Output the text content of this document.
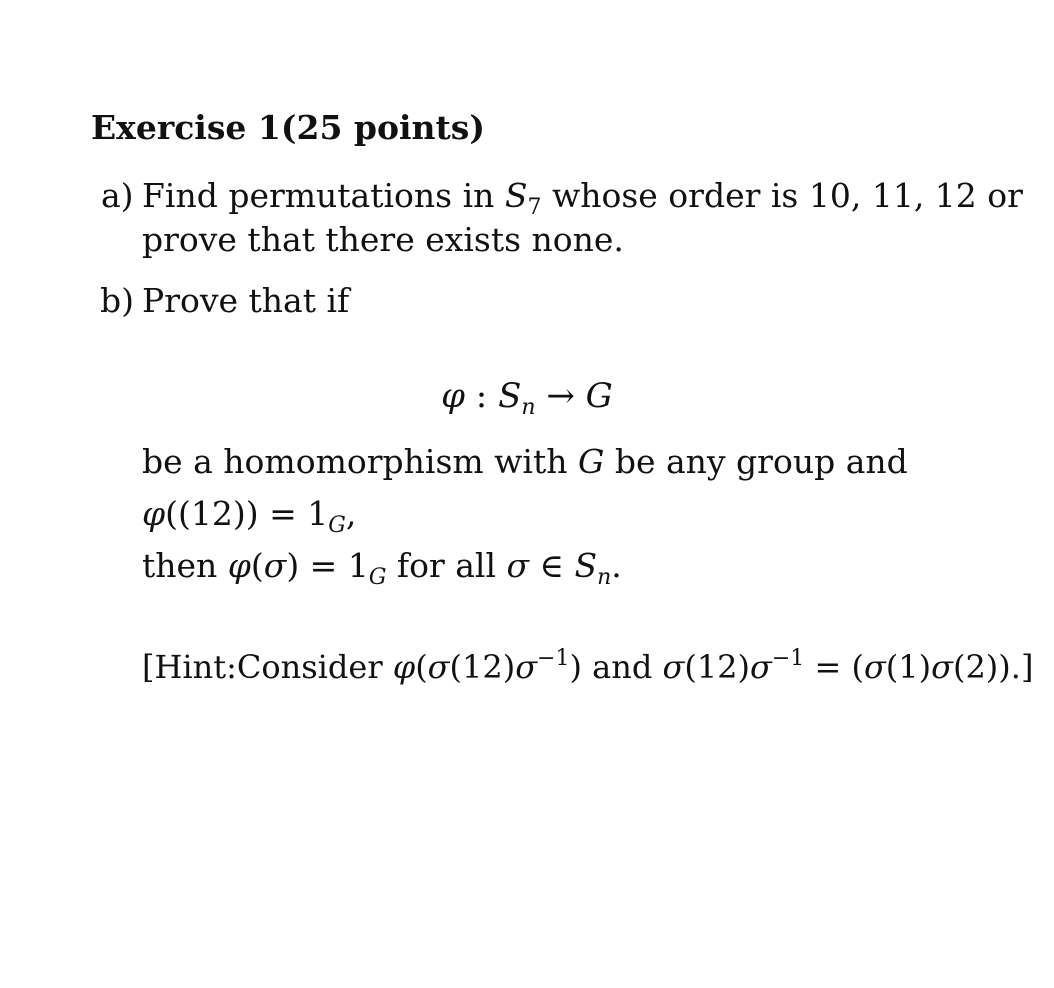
Exercise 1(25 points)
a) Find permutations in $S_7$ whose order is 10, 11, 12 or
prove that there exists none.
b) Prove that if
φ : $S_n \to G$
be a homomorphism with G be any group and
$\varphi((12)) = 1_G$,
then $\varphi(\sigma) = 1_G$ for all σ ∈ $S_n$.
[Hint:Consider $\varphi(\sigma(12)\sigma^{-1})$ and $\sigma(12)\sigma^{-1} = (\sigma(1)\sigma(2))$.]
